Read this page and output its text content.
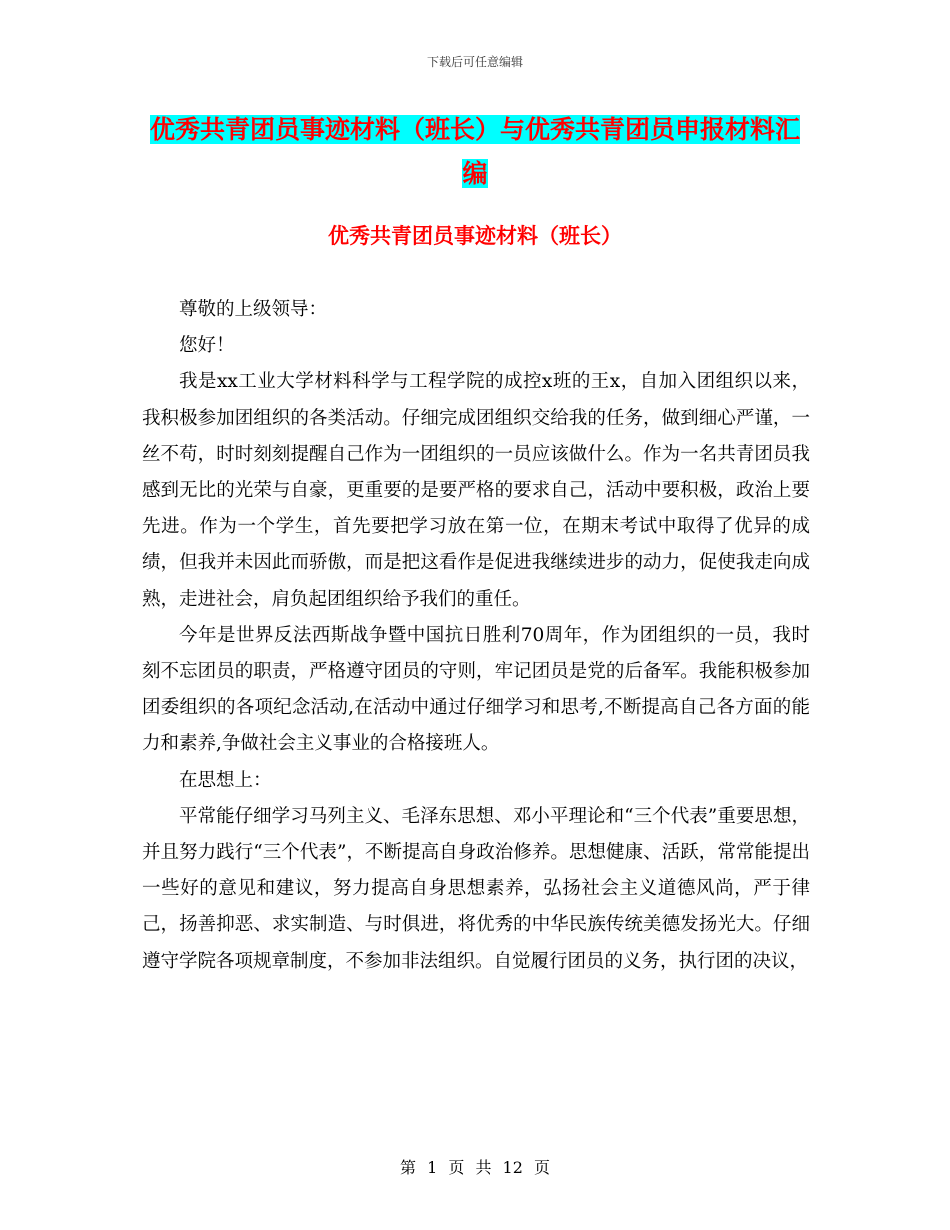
下载后可任意编辑
优秀共青团员事迹材料（班长）与优秀共青团员申报材料汇编
优秀共青团员事迹材料（班长）

尊敬的上级领导：

您好！

我是xx工业大学材料科学与工程学院的成控x班的王x，自加入团组织以来，我积极参加团组织的各类活动。仔细完成团组织交给我的任务，做到细心严谨，一丝不苟，时时刻刻提醒自己作为一团组织的一员应该做什么。作为一名共青团员我感到无比的光荣与自豪，更重要的是要严格的要求自己，活动中要积极，政治上要先进。作为一个学生，首先要把学习放在第一位，在期末考试中取得了优异的成绩，但我并未因此而骄傲，而是把这看作是促进我继续进步的动力，促使我走向成熟，走进社会，肩负起团组织给予我们的重任。

今年是世界反法西斯战争暨中国抗日胜利70周年，作为团组织的一员，我时刻不忘团员的职责，严格遵守团员的守则，牢记团员是党的后备军。我能积极参加团委组织的各项纪念活动,在活动中通过仔细学习和思考,不断提高自己各方面的能力和素养,争做社会主义事业的合格接班人。

在思想上：

平常能仔细学习马列主义、毛泽东思想、邓小平理论和“三个代表”重要思想，并且努力践行“三个代表”，不断提高自身政治修养。思想健康、活跃，常常能提出一些好的意见和建议，努力提高自身思想素养，弘扬社会主义道德风尚，严于律己，扬善抑恶、求实制造、与时俱进，将优秀的中华民族传统美德发扬光大。仔细遵守学院各项规章制度，不参加非法组织。自觉履行团员的义务，执行团的决议，

第 1 页 共 12 页
